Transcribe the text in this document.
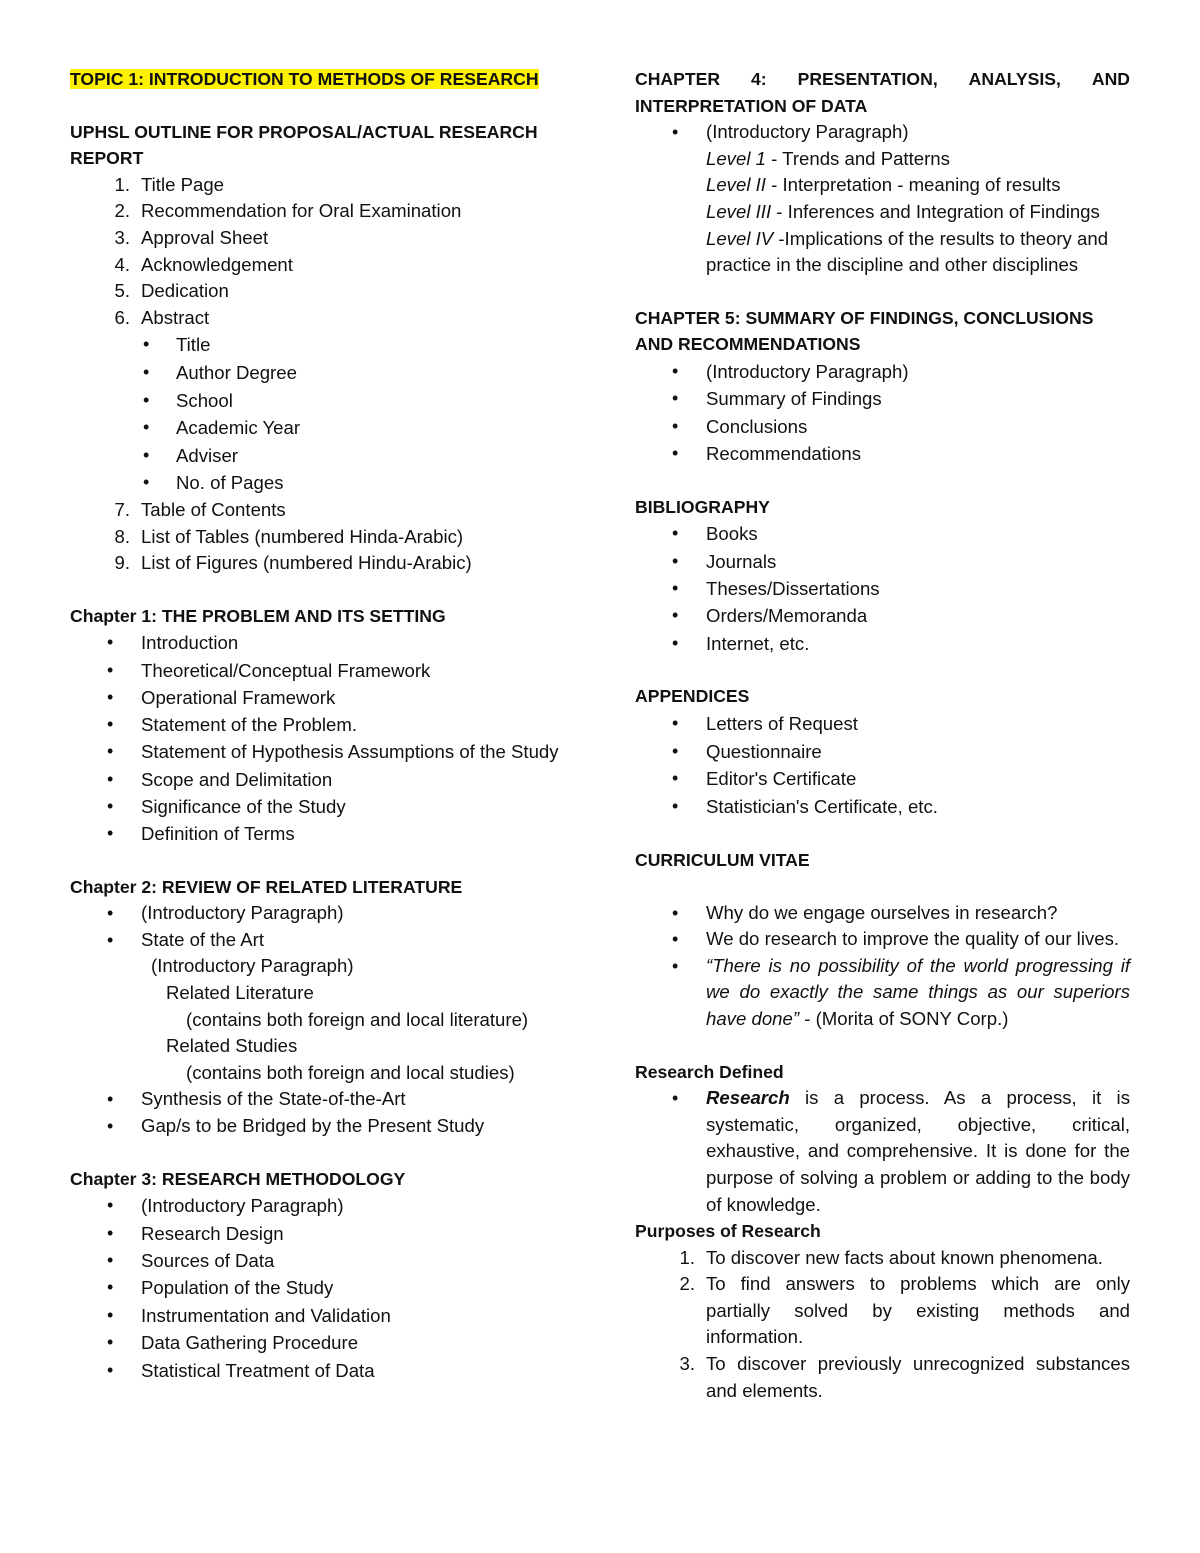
TOPIC 1: INTRODUCTION TO METHODS OF RESEARCH

UPHSL OUTLINE FOR PROPOSAL/ACTUAL RESEARCH REPORT

1. Title Page
2. Recommendation for Oral Examination
3. Approval Sheet
4. Acknowledgement
5. Dedication
6. Abstract
• Title
• Author Degree
• School
• Academic Year
• Adviser
• No. of Pages
7. Table of Contents
8. List of Tables (numbered Hinda-Arabic)
9. List of Figures (numbered Hindu-Arabic)

Chapter 1: THE PROBLEM AND ITS SETTING

• Introduction
• Theoretical/Conceptual Framework
• Operational Framework
• Statement of the Problem.
• Statement of Hypothesis Assumptions of the Study
• Scope and Delimitation
• Significance of the Study
• Definition of Terms

Chapter 2: REVIEW OF RELATED LITERATURE

• (Introductory Paragraph)
• State of the Art
(Introductory Paragraph)
Related Literature
(contains both foreign and local literature)
Related Studies
(contains both foreign and local studies)
• Synthesis of the State-of-the-Art
• Gap/s to be Bridged by the Present Study

Chapter 3: RESEARCH METHODOLOGY

• (Introductory Paragraph)
• Research Design
• Sources of Data
• Population of the Study
• Instrumentation and Validation
• Data Gathering Procedure
• Statistical Treatment of Data
CHAPTER 4: PRESENTATION, ANALYSIS, AND

INTERPRETATION OF DATA

• (Introductory Paragraph)
Level 1 - Trends and Patterns
Level II - Interpretation - meaning of results
Level III - Inferences and Integration of Findings
Level IV -Implications of the results to theory and practice in the discipline and other disciplines

CHAPTER 5: SUMMARY OF FINDINGS, CONCLUSIONS AND RECOMMENDATIONS

• (Introductory Paragraph)
• Summary of Findings
• Conclusions
• Recommendations

BIBLIOGRAPHY

• Books
• Journals
• Theses/Dissertations
• Orders/Memoranda
• Internet, etc.

APPENDICES

• Letters of Request
• Questionnaire
• Editor's Certificate
• Statistician's Certificate, etc.

CURRICULUM VITAE

• Why do we engage ourselves in research?
• We do research to improve the quality of our lives.
• “There is no possibility of the world progressing if we do exactly the same things as our superiors have done” - (Morita of SONY Corp.)

Research Defined

• Research is a process. As a process, it is systematic, organized, objective, critical, exhaustive, and comprehensive. It is done for the purpose of solving a problem or adding to the body of knowledge.

Purposes of Research

1. To discover new facts about known phenomena.
2. To find answers to problems which are only partially solved by existing methods and information.
3. To discover previously unrecognized substances and elements.
